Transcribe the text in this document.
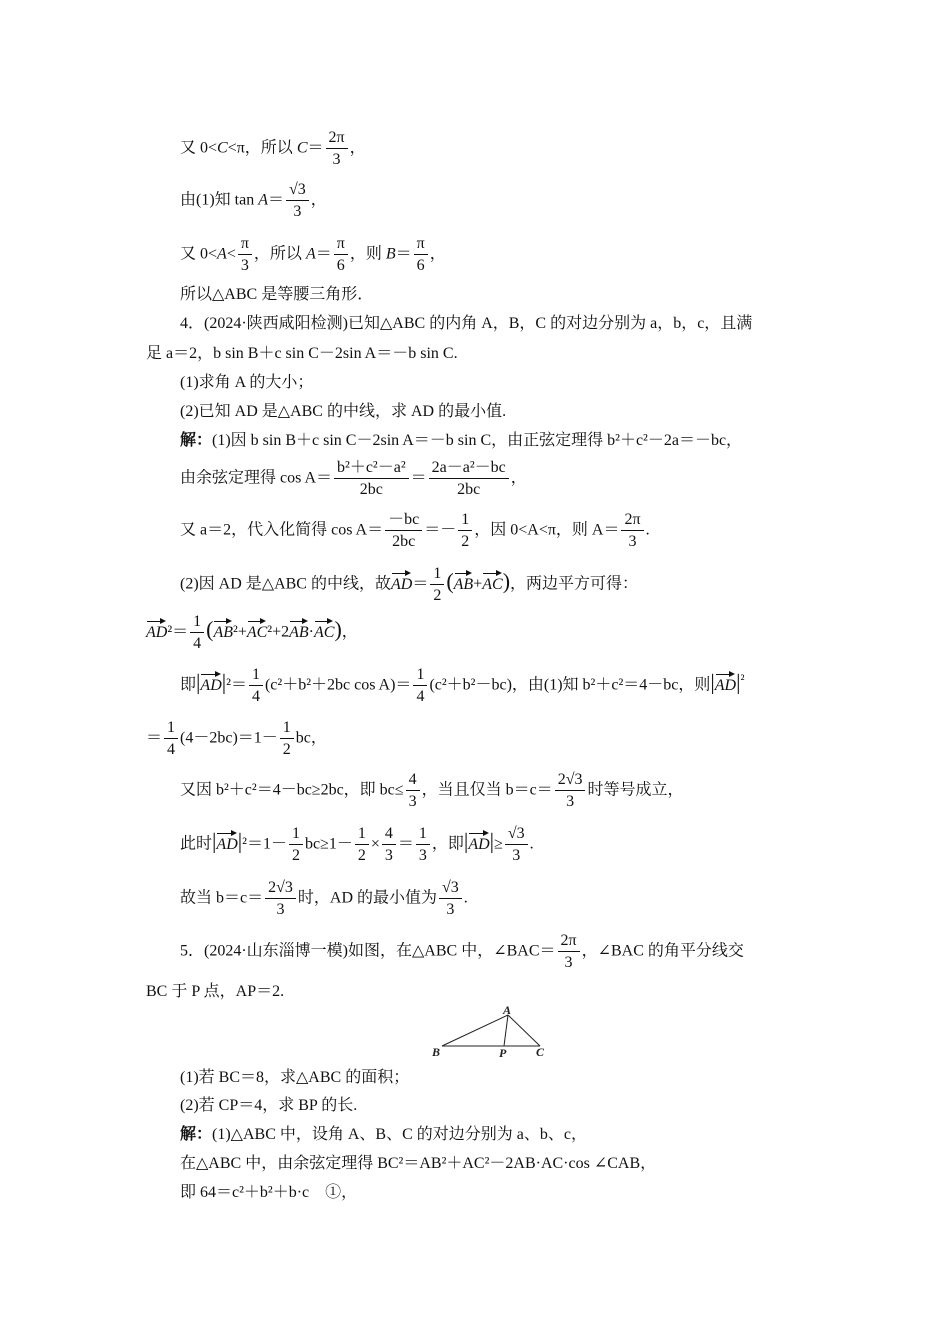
又 0<C<π，所以 $C= \frac{2\pi}{3}$ ，
由(1)知 $\tan A= \frac{√3}{3}$ ，
又 $0<A< \frac{\pi}{3}$ ，所以 $A= \frac{\pi}{6}$ ，则 $B= \frac{\pi}{6}$ ，
所以△ABC 是等腰三角形．
4．(2024·陕西咸阳检测)已知△ABC 的内角 A，B，C 的对边分别为 a，b，c，且满
足 a＝2，b sin B＋c sin C－2sin A＝－b sin C.
(1)求角 A 的大小；
(2)已知 AD 是△ABC 的中线，求 AD 的最小值.
解：(1)因 b sin B＋c sin C－2sin A＝－b sin C，由正弦定理得 b²＋c²－2a＝－bc，
由余弦定理得 $\cos A= \frac{\text{b²＋c²－a²}}{2bc} = \frac{\text{2a－a²－bc}}{2bc}$ ，
又 a＝2，代入化简得 $\cos A= \frac{-bc}{2bc} =- \frac{1}{2}$ ，因 0<A<π，则 $A= \frac{2\pi}{3}$ .
(2)因 AD 是△ABC 的中线，故$AD= \frac{1}{2} (AB+AC)$，两边平方可得：
$AD^2= \frac{1}{4} (AB^2+AC^2+2AB\cdot AC)$，
即$|AD|^2= \frac{1}{4} (c^2+b^2+2bc$ $\cos A)= \frac{1}{4} (c^2+b^2-bc)$，由(1)知 b²＋c²＝4－bc，则$|AD|^{^2}$
＝ $\frac{1}{4} (4-2bc)=1- \frac{1}{2}$ bc，
又因 b²＋c²＝4－bc≥2bc，即 $bc\le \frac{4}{3}$ ，当且仅当 $b=c= \frac{2√3}{3}$ 时等号成立，
此时$|AD|^2=1- \frac{1}{2} bc\ge 1- \frac{1}{2} \times \frac{4}{3} = \frac{1}{3}$ ，即$|AD|\ge \frac{√3}{3}$ .
故当 $b=c= \frac{2√3}{3}$ 时，AD 的最小值为 $\frac{√3}{3}$ .
5．(2024·山东淄博一模)如图，在△ABC 中，∠BAC＝ $\frac{2\pi}{3}$ ，∠BAC 的角平分线交
BC 于 P 点，AP＝2.
A
B	P C
(1)若 BC＝8，求△ABC 的面积；
(2)若 CP＝4，求 BP 的长.
解：(1)△ABC 中，设角 A、B、C 的对边分别为 a、b、c，
在△ABC 中，由余弦定理得 BC²＝AB²＋AC²－2AB·AC·cos ∠CAB，
即 64＝c²＋b²＋b·c　①，
